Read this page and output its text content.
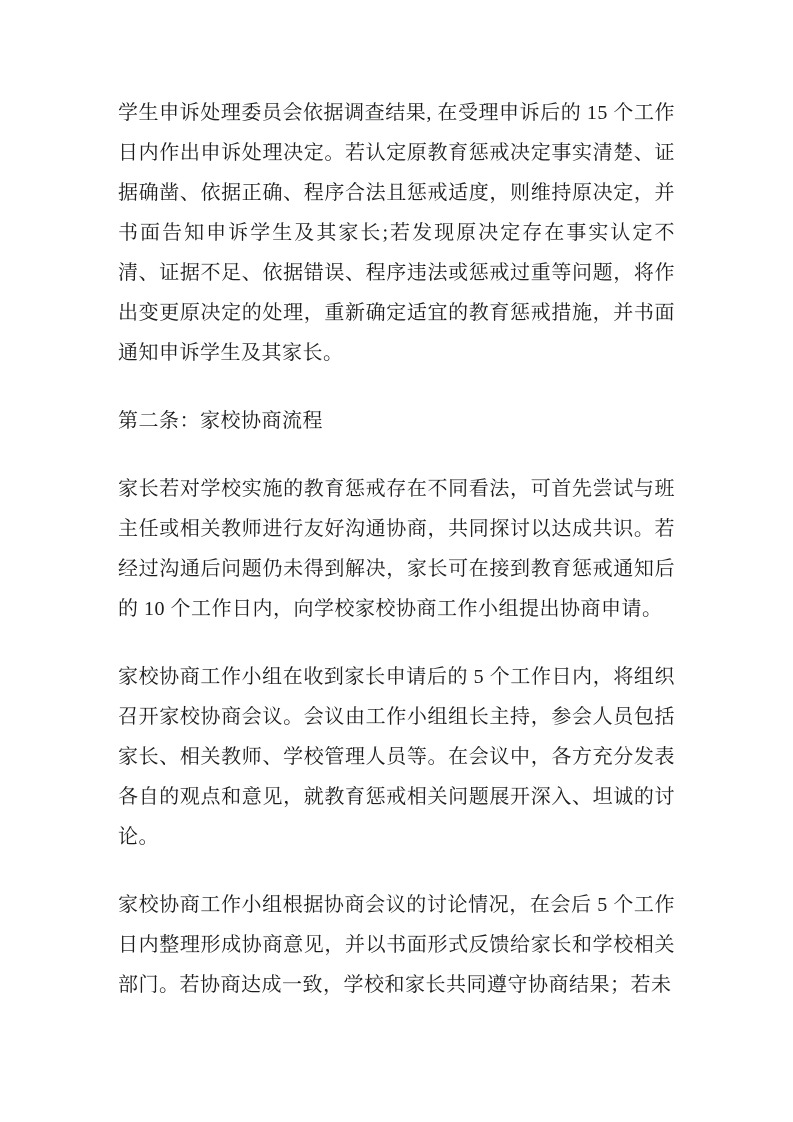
学生申诉处理委员会依据调查结果, 在受理申诉后的 15 个工作日内作出申诉处理决定。若认定原教育惩戒决定事实清楚、证据确凿、依据正确、程序合法且惩戒适度，则维持原决定，并书面告知申诉学生及其家长;若发现原决定存在事实认定不清、证据不足、依据错误、程序违法或惩戒过重等问题，将作出变更原决定的处理，重新确定适宜的教育惩戒措施，并书面通知申诉学生及其家长。

第二条：家校协商流程

家长若对学校实施的教育惩戒存在不同看法，可首先尝试与班主任或相关教师进行友好沟通协商，共同探讨以达成共识。若经过沟通后问题仍未得到解决，家长可在接到教育惩戒通知后的 10 个工作日内，向学校家校协商工作小组提出协商申请。

家校协商工作小组在收到家长申请后的 5 个工作日内，将组织召开家校协商会议。会议由工作小组组长主持，参会人员包括家长、相关教师、学校管理人员等。在会议中，各方充分发表各自的观点和意见，就教育惩戒相关问题展开深入、坦诚的讨论。

家校协商工作小组根据协商会议的讨论情况，在会后 5 个工作日内整理形成协商意见，并以书面形式反馈给家长和学校相关部门。若协商达成一致，学校和家长共同遵守协商结果；若未
